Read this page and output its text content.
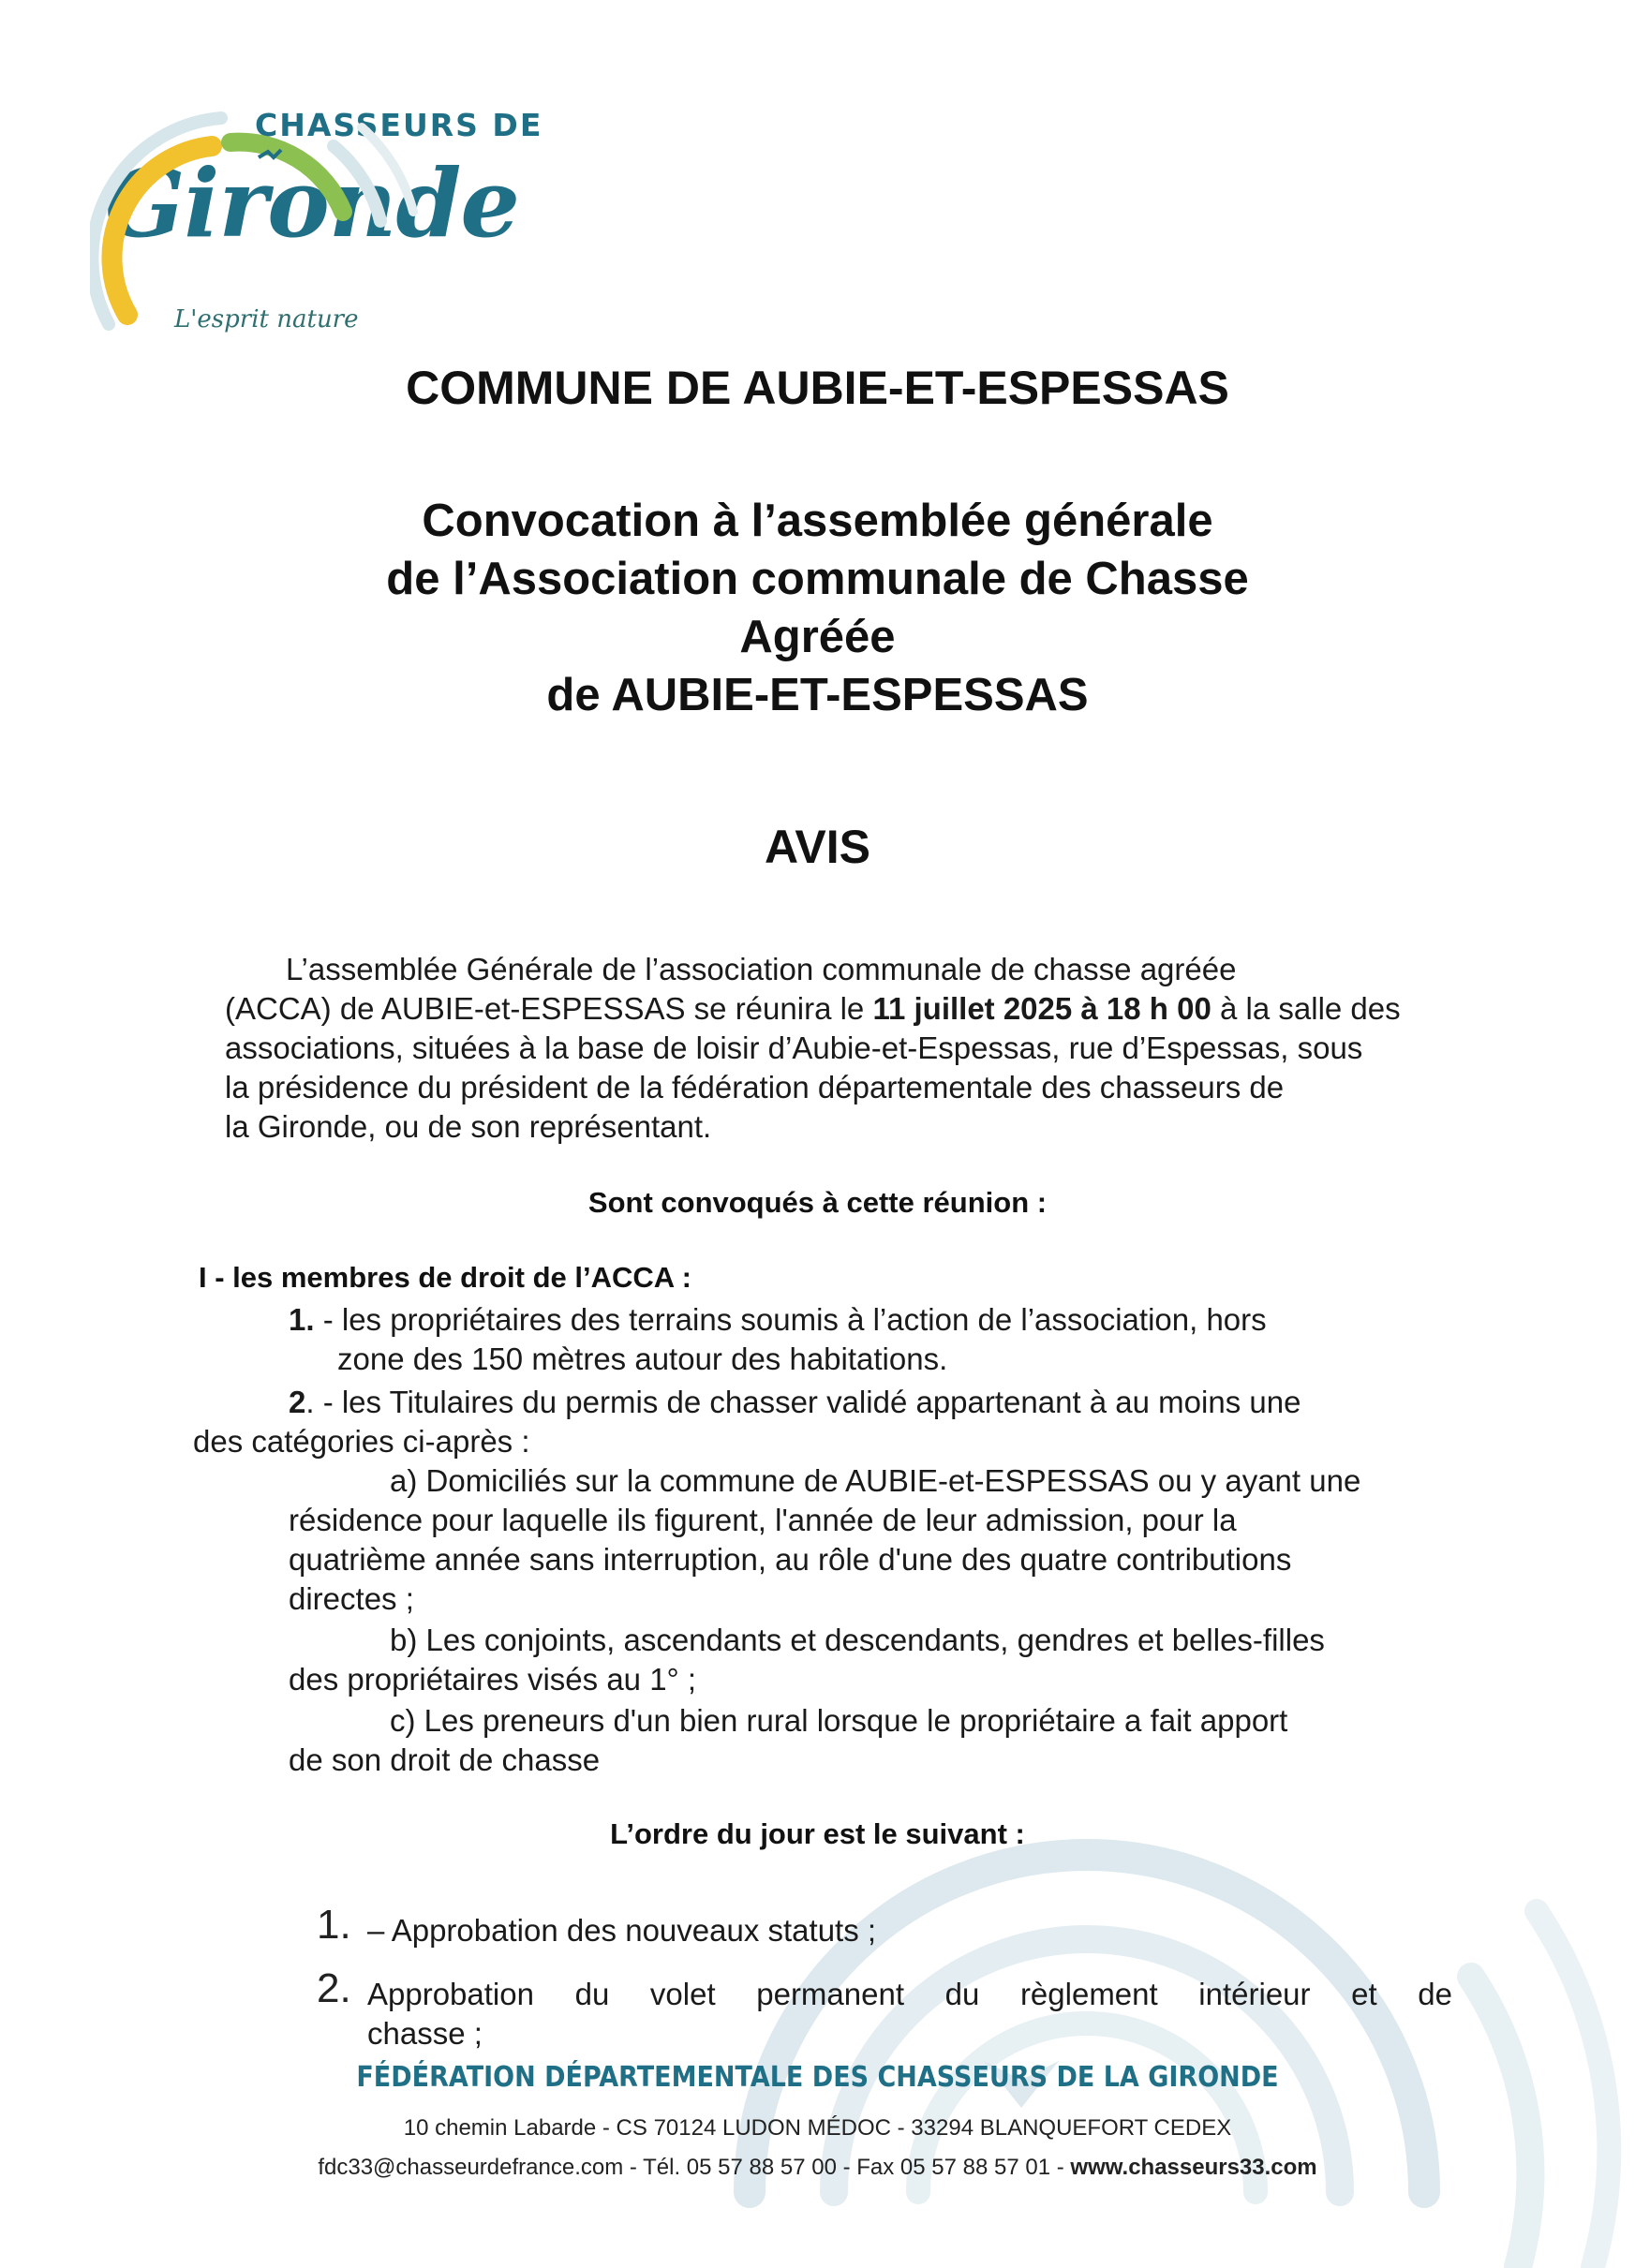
CHASSEURS DE
Gironde
L'esprit nature
COMMUNE DE AUBIE-ET-ESPESSAS
Convocation à l’assemblée générale
de l’Association communale de Chasse
Agréée
de AUBIE-ET-ESPESSAS
AVIS
L’assemblée Générale de l’association communale de chasse agréée
(ACCA) de AUBIE-et-ESPESSAS se réunira le 11 juillet 2025 à 18 h 00 à la salle des
associations, situées à la base de loisir d’Aubie-et-Espessas, rue d’Espessas, sous
la présidence du président de la fédération départementale des chasseurs de
la Gironde, ou de son représentant.
Sont convoqués à cette réunion :
I - les membres de droit de l’ACCA :
1. - les propriétaires des terrains soumis à l’action de l’association, hors
zone des 150 mètres autour des habitations.
2. - les Titulaires du permis de chasser validé appartenant à au moins une
des catégories ci-après :
a) Domiciliés sur la commune de AUBIE-et-ESPESSAS ou y ayant une
résidence pour laquelle ils figurent, l'année de leur admission, pour la
quatrième année sans interruption, au rôle d'une des quatre contributions
directes ;
b) Les conjoints, ascendants et descendants, gendres et belles-filles
des propriétaires visés au 1° ;
c) Les preneurs d'un bien rural lorsque le propriétaire a fait apport
de son droit de chasse
L’ordre du jour est le suivant :
1. – Approbation des nouveaux statuts ;
2. Approbation du volet permanent du règlement intérieur et de
chasse ;
FÉDÉRATION DÉPARTEMENTALE DES CHASSEURS DE LA GIRONDE
10 chemin Labarde - CS 70124 LUDON MÉDOC - 33294 BLANQUEFORT CEDEX
fdc33@chasseurdefrance.com - Tél. 05 57 88 57 00 - Fax 05 57 88 57 01 - www.chasseurs33.com
